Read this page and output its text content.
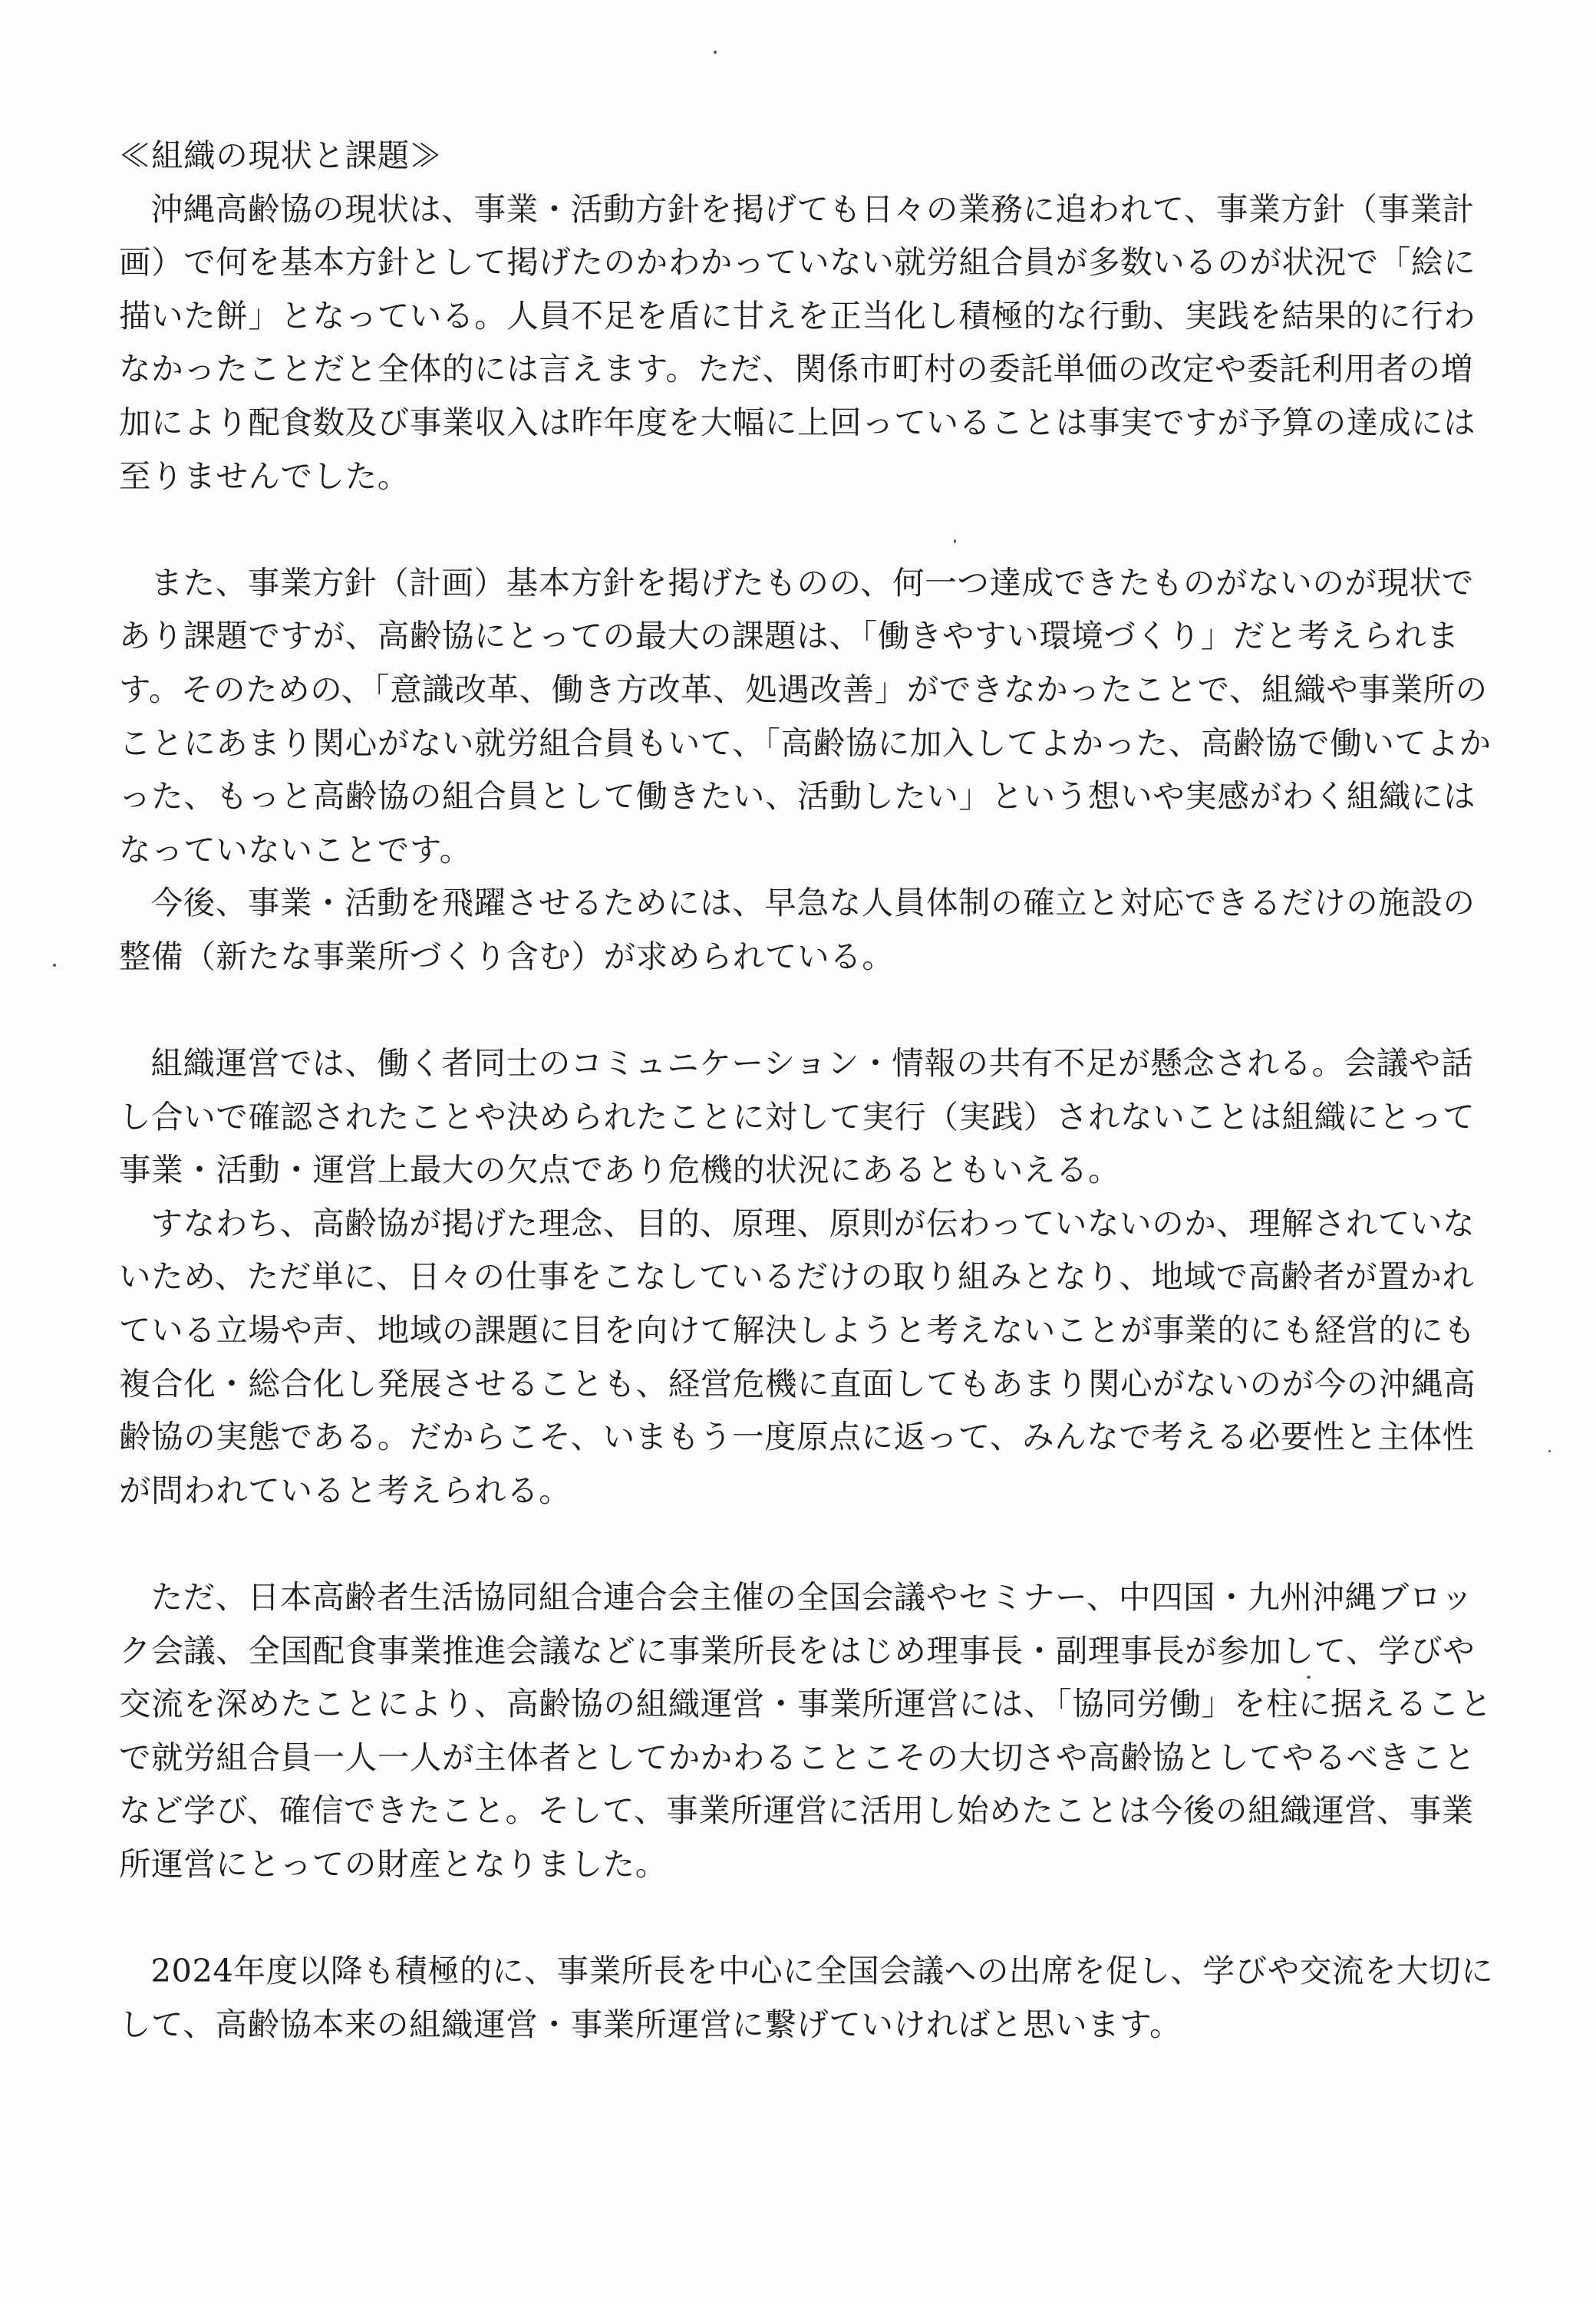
≪組織の現状と課題≫

沖縄高齢協の現状は、事業・活動方針を掲げても日々の業務に追われて、事業方針（事業計画）で何を基本方針として掲げたのかわかっていない就労組合員が多数いるのが状況で「絵に描いた餅」となっている。人員不足を盾に甘えを正当化し積極的な行動、実践を結果的に行わなかったことだと全体的には言えます。ただ、関係市町村の委託単価の改定や委託利用者の増加により配食数及び事業収入は昨年度を大幅に上回っていることは事実ですが予算の達成には至りませんでした。

また、事業方針（計画）基本方針を掲げたものの、何一つ達成できたものがないのが現状であり課題ですが、高齢協にとっての最大の課題は、「働きやすい環境づくり」だと考えられます。そのための、「意識改革、働き方改革、処遇改善」ができなかったことで、組織や事業所のことにあまり関心がない就労組合員もいて、「高齢協に加入してよかった、高齢協で働いてよかった、もっと高齢協の組合員として働きたい、活動したい」という想いや実感がわく組織にはなっていないことです。

今後、事業・活動を飛躍させるためには、早急な人員体制の確立と対応できるだけの施設の整備（新たな事業所づくり含む）が求められている。

組織運営では、働く者同士のコミュニケーション・情報の共有不足が懸念される。会議や話し合いで確認されたことや決められたことに対して実行（実践）されないことは組織にとって事業・活動・運営上最大の欠点であり危機的状況にあるともいえる。

すなわち、高齢協が掲げた理念、目的、原理、原則が伝わっていないのか、理解されていないため、ただ単に、日々の仕事をこなしているだけの取り組みとなり、地域で高齢者が置かれている立場や声、地域の課題に目を向けて解決しようと考えないことが事業的にも経営的にも複合化・総合化し発展させることも、経営危機に直面してもあまり関心がないのが今の沖縄高齢協の実態である。だからこそ、いまもう一度原点に返って、みんなで考える必要性と主体性が問われていると考えられる。

ただ、日本高齢者生活協同組合連合会主催の全国会議やセミナー、中四国・九州沖縄ブロック会議、全国配食事業推進会議などに事業所長をはじめ理事長・副理事長が参加して、学びや交流を深めたことにより、高齢協の組織運営・事業所運営には、「協同労働」を柱に据えることで就労組合員一人一人が主体者としてかかわることこその大切さや高齢協としてやるべきことなど学び、確信できたこと。そして、事業所運営に活用し始めたことは今後の組織運営、事業所運営にとっての財産となりました。

2024年度以降も積極的に、事業所長を中心に全国会議への出席を促し、学びや交流を大切にして、高齢協本来の組織運営・事業所運営に繋げていければと思います。
